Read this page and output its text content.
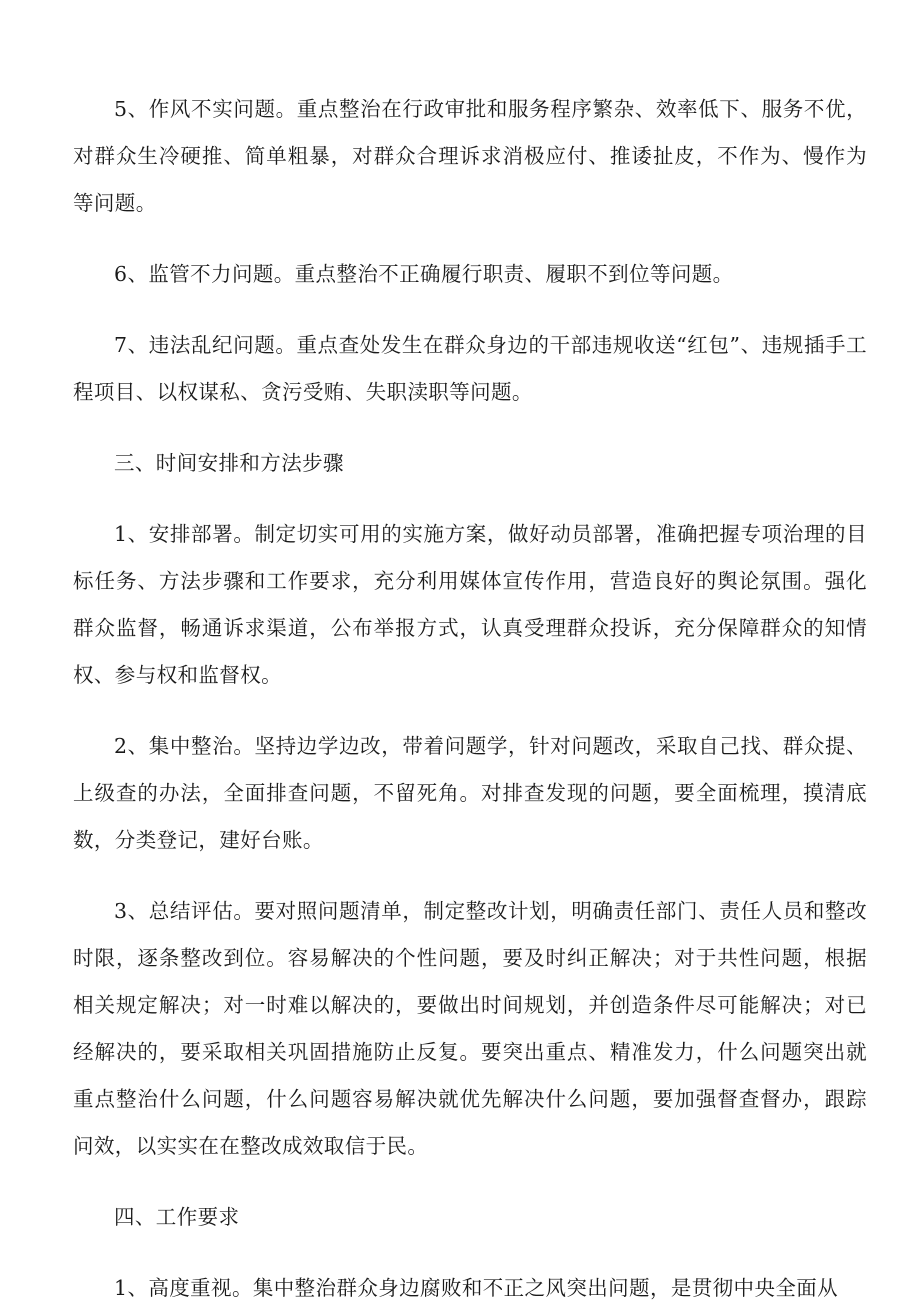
5、作风不实问题。重点整治在行政审批和服务程序繁杂、效率低下、服务不优，对群众生冷硬推、简单粗暴，对群众合理诉求消极应付、推诿扯皮，不作为、慢作为等问题。

6、监管不力问题。重点整治不正确履行职责、履职不到位等问题。

7、违法乱纪问题。重点查处发生在群众身边的干部违规收送“红包”、违规插手工程项目、以权谋私、贪污受贿、失职渎职等问题。

三、时间安排和方法步骤

1、安排部署。制定切实可用的实施方案，做好动员部署，准确把握专项治理的目标任务、方法步骤和工作要求，充分利用媒体宣传作用，营造良好的舆论氛围。强化群众监督，畅通诉求渠道，公布举报方式，认真受理群众投诉，充分保障群众的知情权、参与权和监督权。

2、集中整治。坚持边学边改，带着问题学，针对问题改，采取自己找、群众提、上级查的办法，全面排查问题，不留死角。对排查发现的问题，要全面梳理，摸清底数，分类登记，建好台账。

3、总结评估。要对照问题清单，制定整改计划，明确责任部门、责任人员和整改时限，逐条整改到位。容易解决的个性问题，要及时纠正解决；对于共性问题，根据相关规定解决；对一时难以解决的，要做出时间规划，并创造条件尽可能解决；对已经解决的，要采取相关巩固措施防止反复。要突出重点、精准发力，什么问题突出就重点整治什么问题，什么问题容易解决就优先解决什么问题，要加强督查督办，跟踪问效，以实实在在整改成效取信于民。

四、工作要求

1、高度重视。集中整治群众身边腐败和不正之风突出问题，是贯彻中央全面从
